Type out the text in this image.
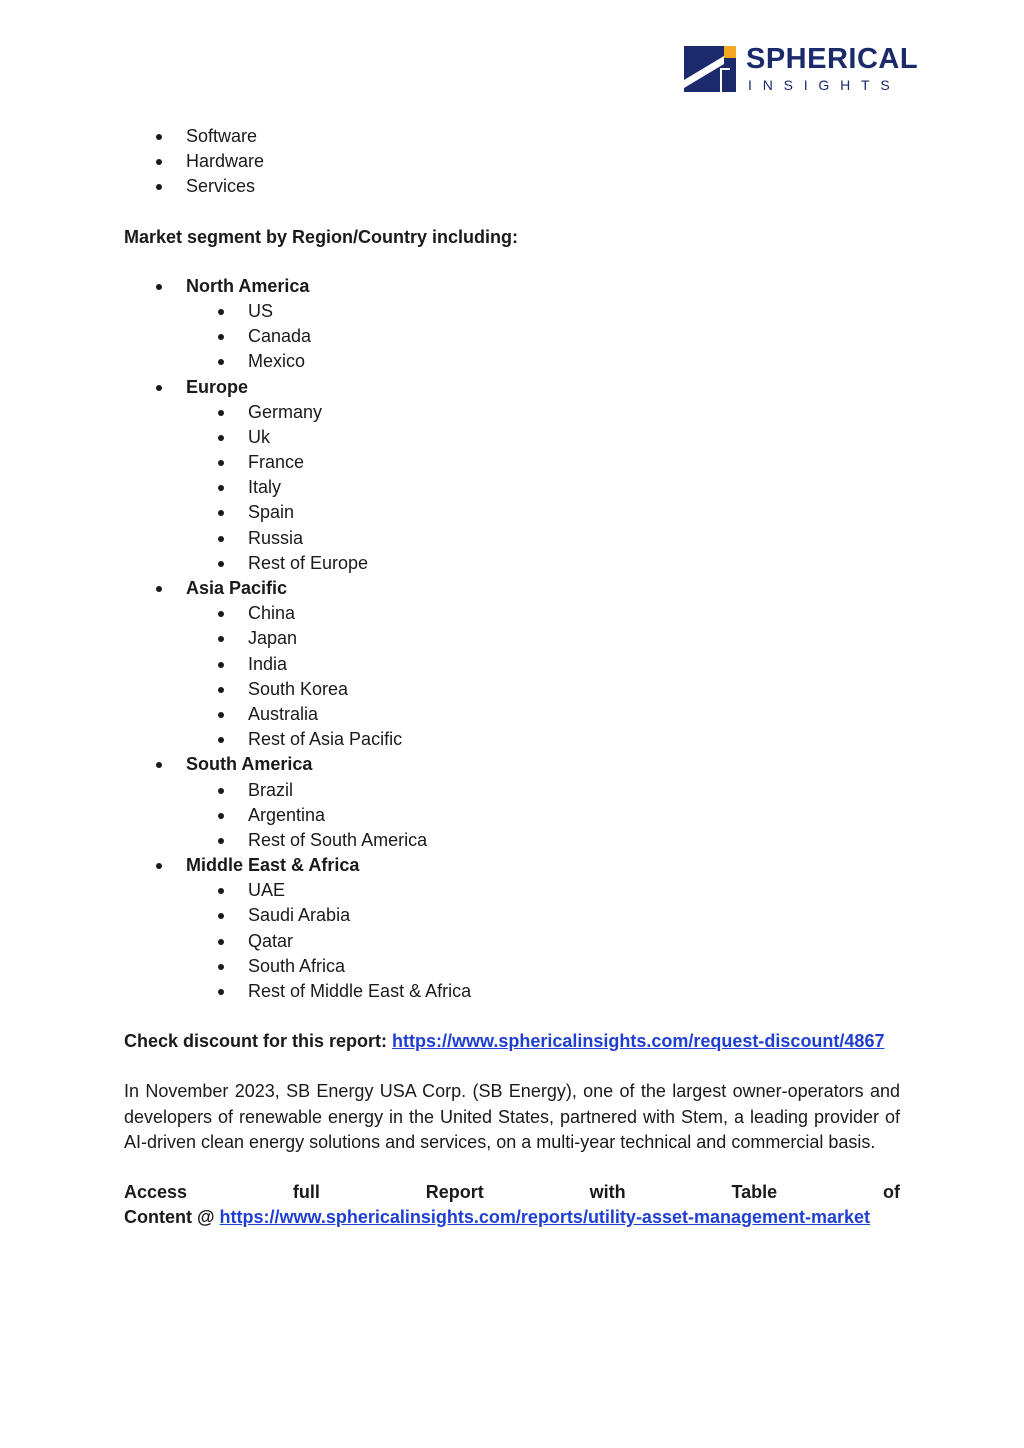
SPHERICAL
INSIGHTS
Software
Hardware
Services

Market segment by Region/Country including:

North America
US
Canada
Mexico
Europe
Germany
Uk
France
Italy
Spain
Russia
Rest of Europe
Asia Pacific
China
Japan
India
South Korea
Australia
Rest of Asia Pacific
South America
Brazil
Argentina
Rest of South America
Middle East & Africa
UAE
Saudi Arabia
Qatar
South Africa
Rest of Middle East & Africa

Check discount for this report: https://www.sphericalinsights.com/request-discount/4867

In November 2023, SB Energy USA Corp. (SB Energy), one of the largest owner-operators and developers of renewable energy in the United States, partnered with Stem, a leading provider of AI-driven clean energy solutions and services, on a multi-year technical and commercial basis.

Access	full	Report	with	Table	of
Content @ https://www.sphericalinsights.com/reports/utility-asset-management-market
